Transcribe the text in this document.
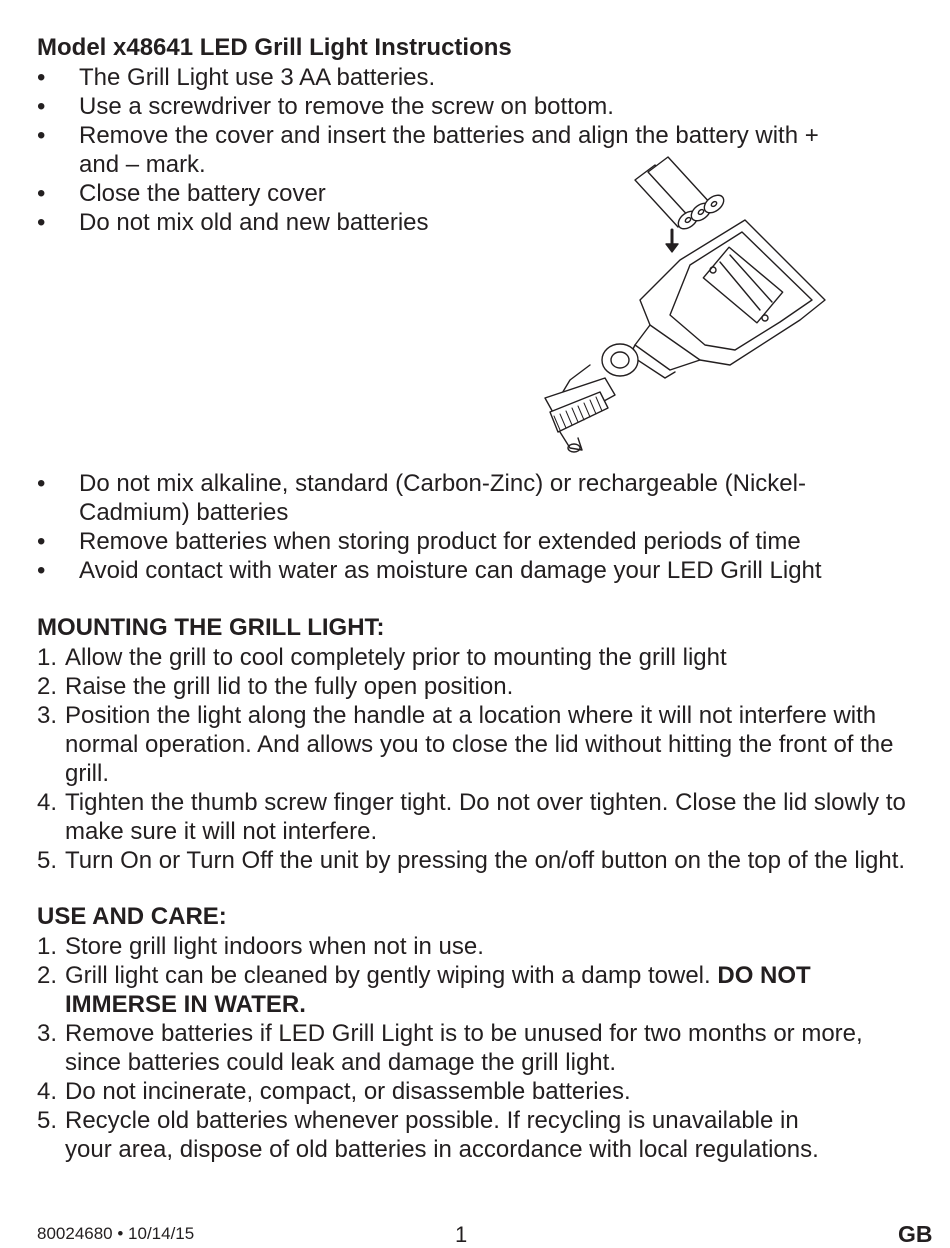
Model x48641 LED Grill Light Instructions
•	The Grill Light use 3 AA batteries.
•	Use a screwdriver to remove the screw on bottom.
•	Remove the cover and insert the batteries and align the battery with + and – mark.
•	Close the battery cover
•	Do not mix old and new batteries
•	Do not mix alkaline, standard (Carbon-Zinc) or rechargeable (Nickel-Cadmium) batteries
•	Remove batteries when storing product for extended periods of time
•	Avoid contact with water as moisture can damage your LED Grill Light
MOUNTING THE GRILL LIGHT:
1. Allow the grill to cool completely prior to mounting the grill light
2. Raise the grill lid to the fully open position.
3. Position the light along the handle at a location where it will not interfere with normal operation. And allows you to close the lid without hitting the front of the grill.
4. Tighten the thumb screw finger tight. Do not over tighten. Close the lid slowly to make sure it will not interfere.
5. Turn On or Turn Off the unit by pressing the on/off button on the top of the light.
USE AND CARE:
1. Store grill light indoors when not in use.
2. Grill light can be cleaned by gently wiping with a damp towel. DO NOT IMMERSE IN WATER.
3. Remove batteries if LED Grill Light is to be unused for two months or more, since batteries could leak and damage the grill light.
4. Do not incinerate, compact, or disassemble batteries.
5. Recycle old batteries whenever possible. If recycling is unavailable in your area, dispose of old batteries in accordance with local regulations.
80024680 • 10/14/15	1	GB
